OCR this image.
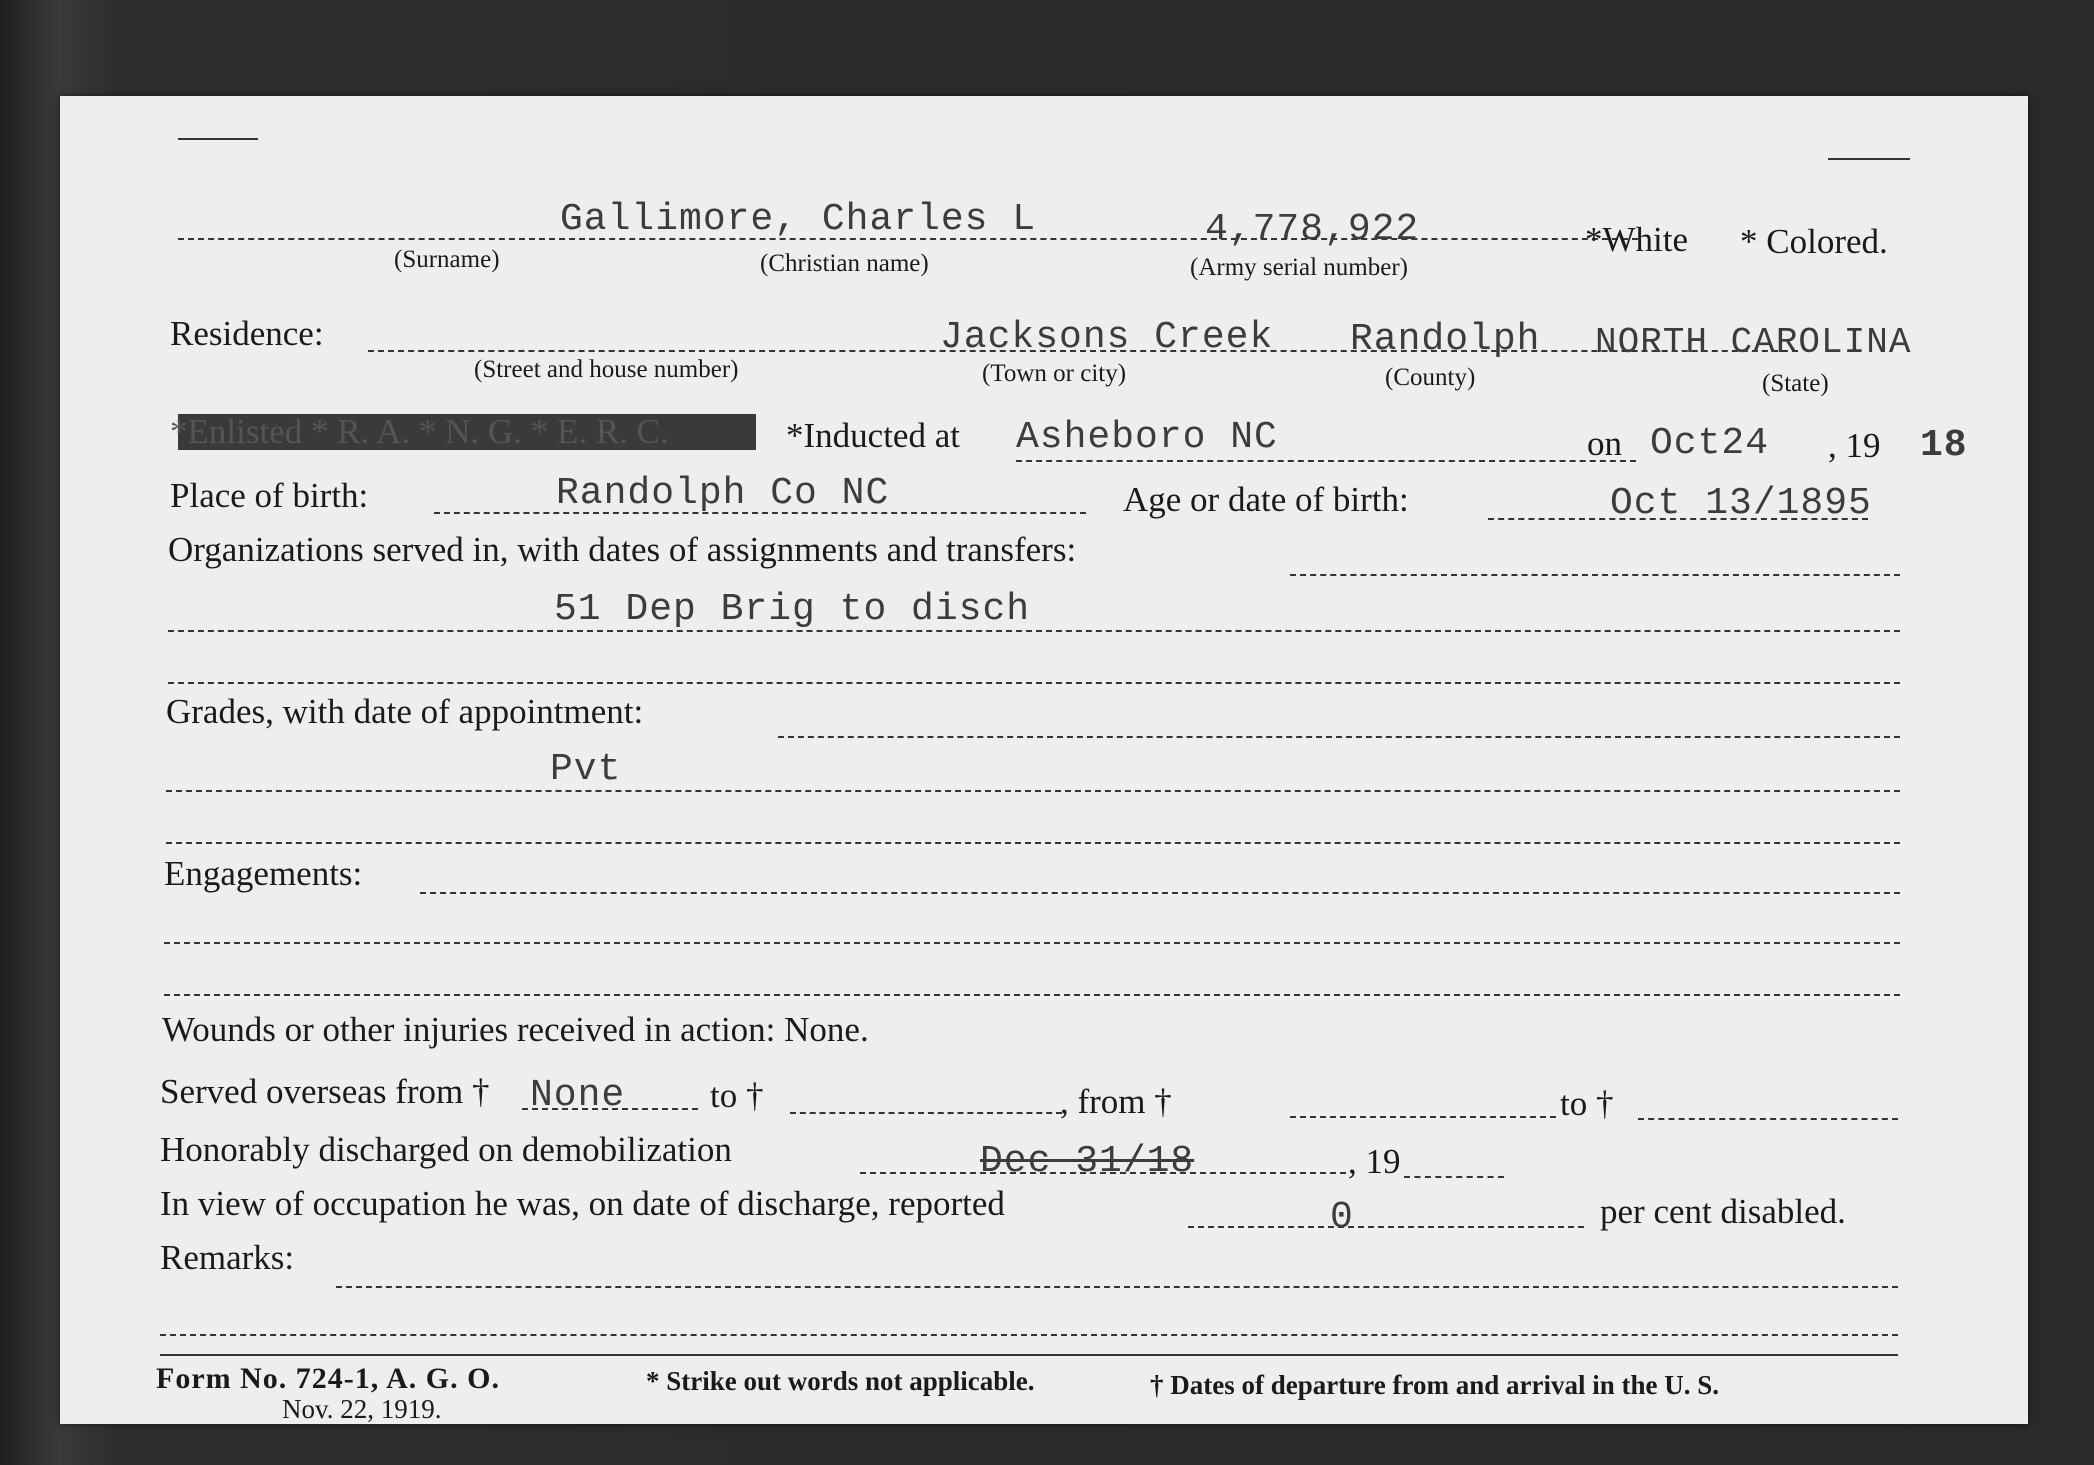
Gallimore, Charles L	4,778,922	*White * Colored.
(Surname)	(Christian name)	(Army serial number)
Residence:	Jacksons Creek Randolph NORTH CAROLINA
(Street and house number)	(Town or city)	(County)	(State)
*Enlisted * R. A. * N. G. * E. R. C.	*Inducted at Asheboro NC	on Oct24 , 19 18
Place of birth:	Randolph Co NC	Age or date of birth:	Oct 13/1895
Organizations served in, with dates of assignments and transfers:
51 Dep Brig to disch
Grades, with date of appointment:
Pvt
Engagements:
Wounds or other injuries received in action: None.
Served overseas from † None to †	, from †	to †
Honorably discharged on demobilization	Dec 31/18	, 19
In view of occupation he was, on date of discharge, reported	0	per cent disabled.
Remarks:
Form No. 724-1, A. G. O.
Nov. 22, 1919.
* Strike out words not applicable.	† Dates of departure from and arrival in the U. S.
